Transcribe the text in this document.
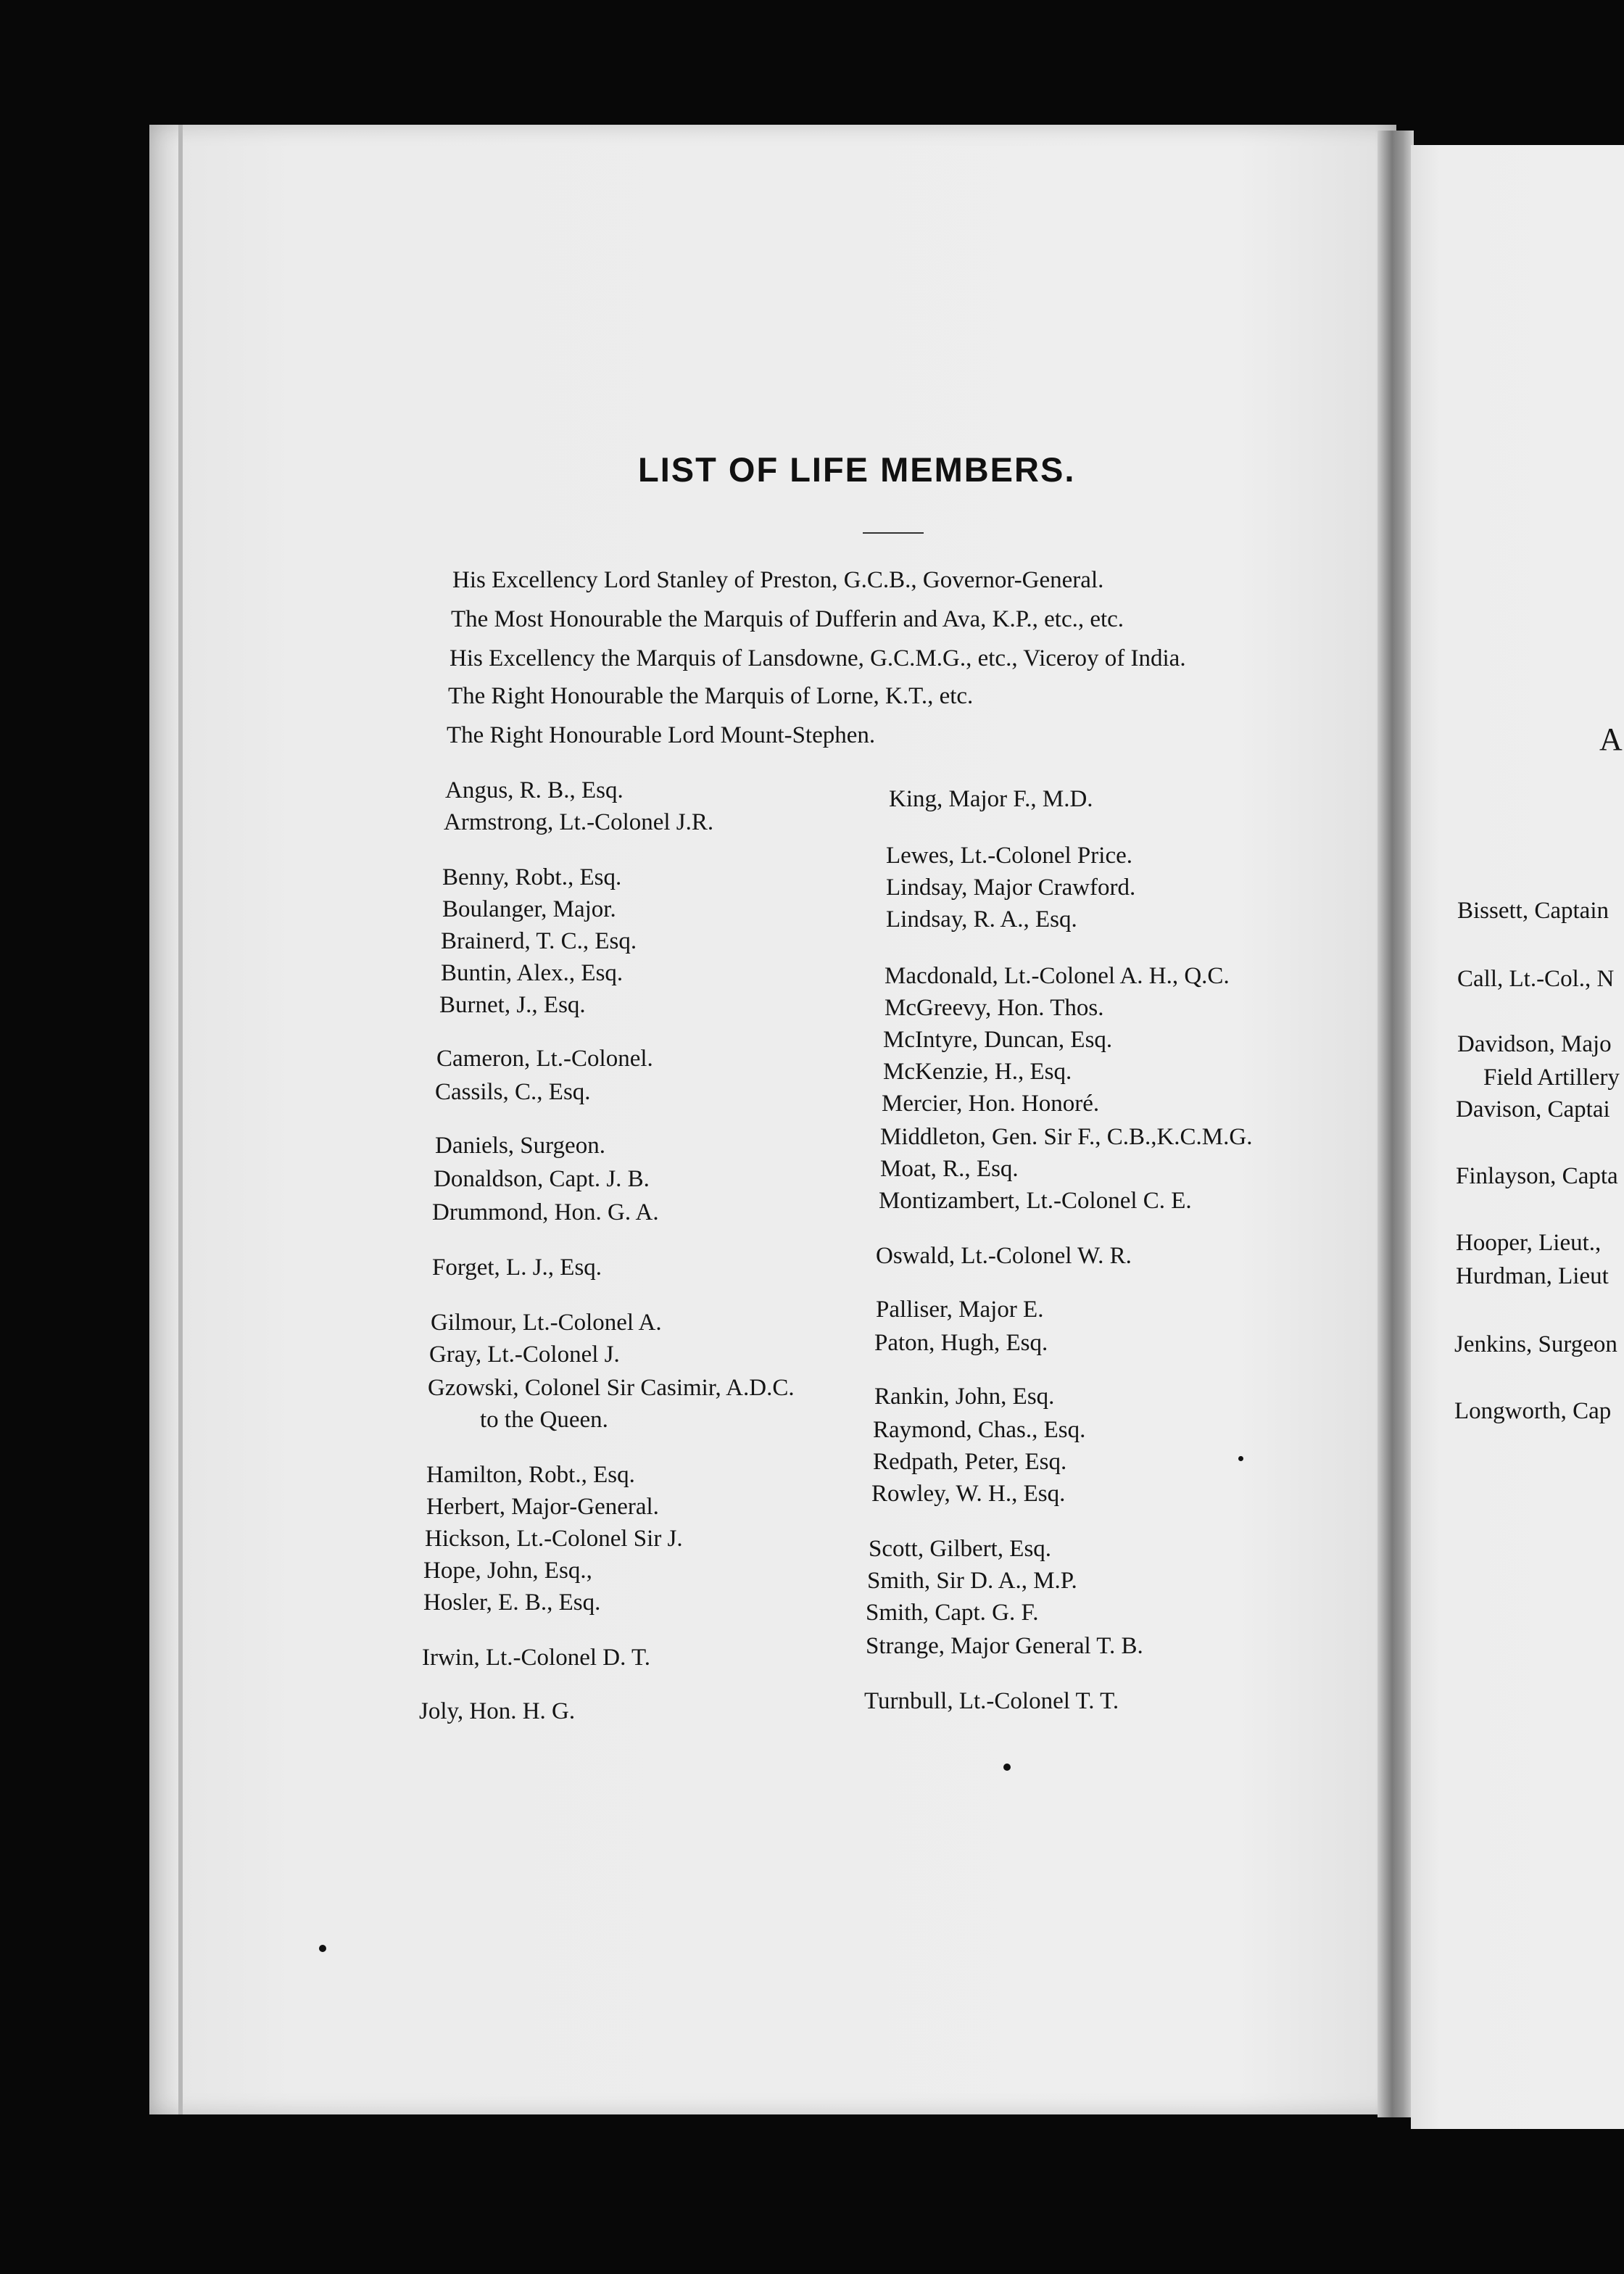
LIST OF LIFE MEMBERS.
His Excellency Lord Stanley of Preston, G.C.B., Governor-General.
The Most Honourable the Marquis of Dufferin and Ava, K.P., etc., etc.
His Excellency the Marquis of Lansdowne, G.C.M.G., etc., Viceroy of India.
The Right Honourable the Marquis of Lorne, K.T., etc.
The Right Honourable Lord Mount-Stephen.
Angus, R. B., Esq.
Armstrong, Lt.-Colonel J.R.
Benny, Robt., Esq.
Boulanger, Major.
Brainerd, T. C., Esq.
Buntin, Alex., Esq.
Burnet, J., Esq.
Cameron, Lt.-Colonel.
Cassils, C., Esq.
Daniels, Surgeon.
Donaldson, Capt. J. B.
Drummond, Hon. G. A.
Forget, L. J., Esq.
Gilmour, Lt.-Colonel A.
Gray, Lt.-Colonel J.
Gzowski, Colonel Sir Casimir, A.D.C.
to the Queen.
Hamilton, Robt., Esq.
Herbert, Major-General.
Hickson, Lt.-Colonel Sir J.
Hope, John, Esq.,
Hosler, E. B., Esq.
Irwin, Lt.-Colonel D. T.
Joly, Hon. H. G.
King, Major F., M.D.
Lewes, Lt.-Colonel Price.
Lindsay, Major Crawford.
Lindsay, R. A., Esq.
Macdonald, Lt.-Colonel A. H., Q.C.
McGreevy, Hon. Thos.
McIntyre, Duncan, Esq.
McKenzie, H., Esq.
Mercier, Hon. Honoré.
Middleton, Gen. Sir F., C.B.,K.C.M.G.
Moat, R., Esq.
Montizambert, Lt.-Colonel C. E.
Oswald, Lt.-Colonel W. R.
Palliser, Major E.
Paton, Hugh, Esq.
Rankin, John, Esq.
Raymond, Chas., Esq.
Redpath, Peter, Esq.
Rowley, W. H., Esq.
Scott, Gilbert, Esq.
Smith, Sir D. A., M.P.
Smith, Capt. G. F.
Strange, Major General T. B.
Turnbull, Lt.-Colonel T. T.
A
Bissett, Captain
Call, Lt.-Col., N
Davidson, Majo
Field Artillery
Davison, Captai
Finlayson, Capta
Hooper, Lieut.,
Hurdman, Lieut
Jenkins, Surgeon
Longworth, Cap
